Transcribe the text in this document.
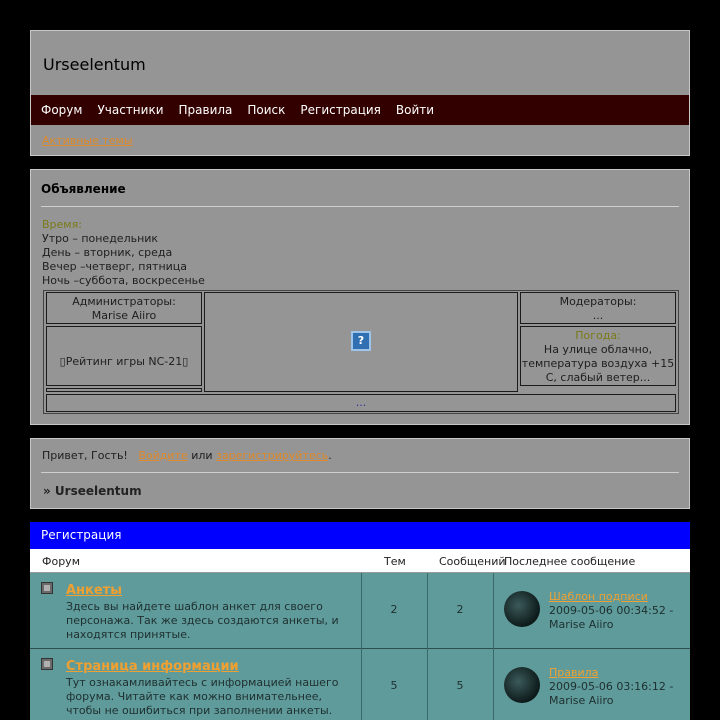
Urseelentum
Форум Участники Правила Поиск Регистрация Войти
Активные темы
Объявление
Время:
Утро – понедельник
День – вторник, среда
Вечер –четверг, пятница
Ночь –суббота, воскресенье
Администраторы:
Marise Aiiro
▯Рейтинг игры NC-21▯
?
Модераторы:
...
Погода:
На улице облачно, температура воздуха +15 С, слабый ветер...
...
Привет, Гость! Войдите или зарегистрируйтесь.
» Urseelentum
Регистрация
Форум	Тем	Сообщений
Последнее сообщение
Анкеты
Здесь вы найдете шаблон анкет для своего персонажа. Так же здесь создаются анкеты, и находятся принятые.
2	2
Шаблон подписи
2009-05-06 00:34:52 -
Marise Aiiro
Страница информации
Тут ознакамливайтесь с информацией нашего форума. Читайте как можно внимательнее, чтобы не ошибиться при заполнении анкеты.
5	5
Правила
2009-05-06 03:16:12 -
Marise Aiiro
